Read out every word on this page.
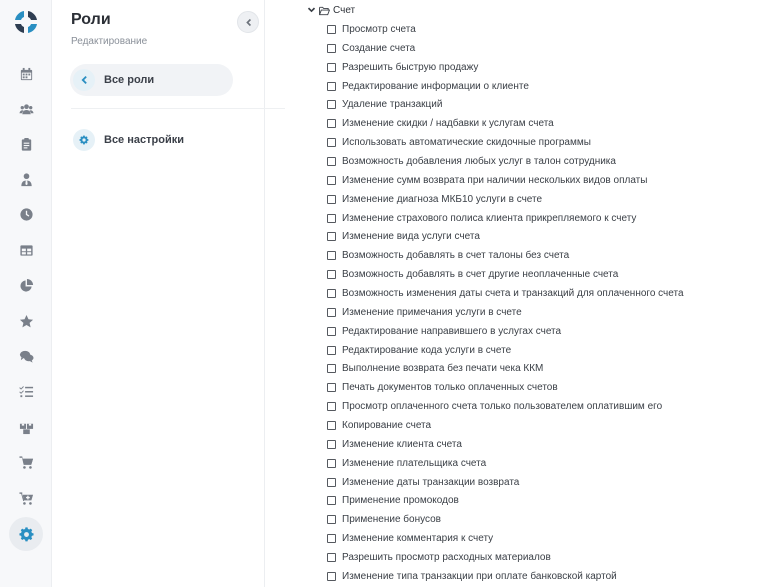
Роли
Редактирование
Все роли
Все настройки
Счет
Просмотр счета
Создание счета
Разрешить быструю продажу
Редактирование информации о клиенте
Удаление транзакций
Изменение скидки / надбавки к услугам счета
Использовать автоматические скидочные программы
Возможность добавления любых услуг в талон сотрудника
Изменение сумм возврата при наличии нескольких видов оплаты
Изменение диагноза МКБ10 услуги в счете
Изменение страхового полиса клиента прикрепляемого к счету
Изменение вида услуги счета
Возможность добавлять в счет талоны без счета
Возможность добавлять в счет другие неоплаченные счета
Возможность изменения даты счета и транзакций для оплаченного счета
Изменение примечания услуги в счете
Редактирование направившего в услугах счета
Редактирование кода услуги в счете
Выполнение возврата без печати чека ККМ
Печать документов только оплаченных счетов
Просмотр оплаченного счета только пользователем оплатившим его
Копирование счета
Изменение клиента счета
Изменение плательщика счета
Изменение даты транзакции возврата
Применение промокодов
Применение бонусов
Изменение комментария к счету
Разрешить просмотр расходных материалов
Изменение типа транзакции при оплате банковской картой
